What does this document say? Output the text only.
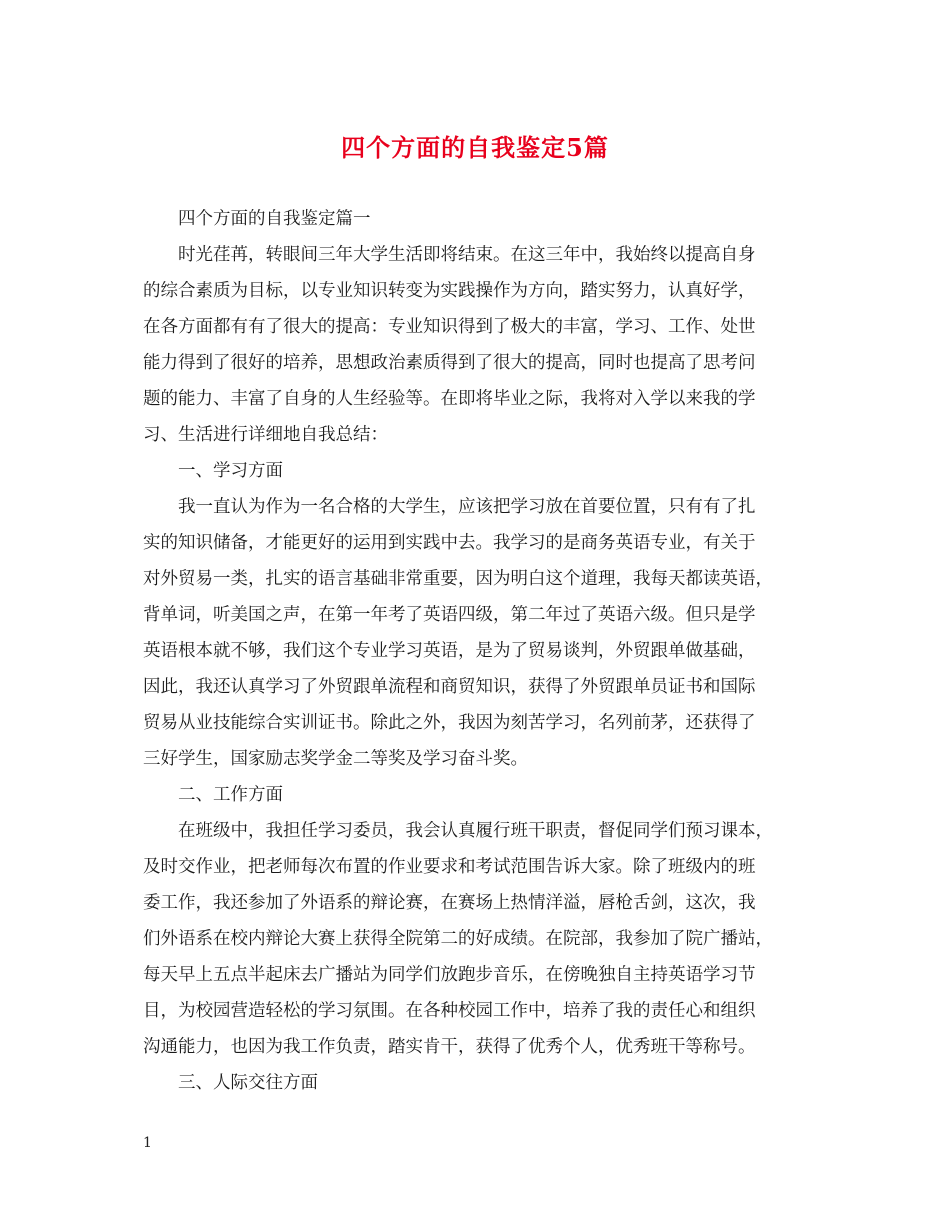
四个方面的自我鉴定5篇
四个方面的自我鉴定篇一
时光荏苒，转眼间三年大学生活即将结束。在这三年中，我始终以提高自身
的综合素质为目标，以专业知识转变为实践操作为方向，踏实努力，认真好学，
在各方面都有有了很大的提高：专业知识得到了极大的丰富，学习、工作、处世
能力得到了很好的培养，思想政治素质得到了很大的提高，同时也提高了思考问
题的能力、丰富了自身的人生经验等。在即将毕业之际，我将对入学以来我的学
习、生活进行详细地自我总结：
一、学习方面
我一直认为作为一名合格的大学生，应该把学习放在首要位置，只有有了扎
实的知识储备，才能更好的运用到实践中去。我学习的是商务英语专业，有关于
对外贸易一类，扎实的语言基础非常重要，因为明白这个道理，我每天都读英语，
背单词，听美国之声，在第一年考了英语四级，第二年过了英语六级。但只是学
英语根本就不够，我们这个专业学习英语，是为了贸易谈判，外贸跟单做基础，
因此，我还认真学习了外贸跟单流程和商贸知识，获得了外贸跟单员证书和国际
贸易从业技能综合实训证书。除此之外，我因为刻苦学习，名列前茅，还获得了
三好学生，国家励志奖学金二等奖及学习奋斗奖。
二、工作方面
在班级中，我担任学习委员，我会认真履行班干职责，督促同学们预习课本，
及时交作业，把老师每次布置的作业要求和考试范围告诉大家。除了班级内的班
委工作，我还参加了外语系的辩论赛，在赛场上热情洋溢，唇枪舌剑，这次，我
们外语系在校内辩论大赛上获得全院第二的好成绩。在院部，我参加了院广播站，
每天早上五点半起床去广播站为同学们放跑步音乐，在傍晚独自主持英语学习节
目，为校园营造轻松的学习氛围。在各种校园工作中，培养了我的责任心和组织
沟通能力，也因为我工作负责，踏实肯干，获得了优秀个人，优秀班干等称号。
三、人际交往方面
1
